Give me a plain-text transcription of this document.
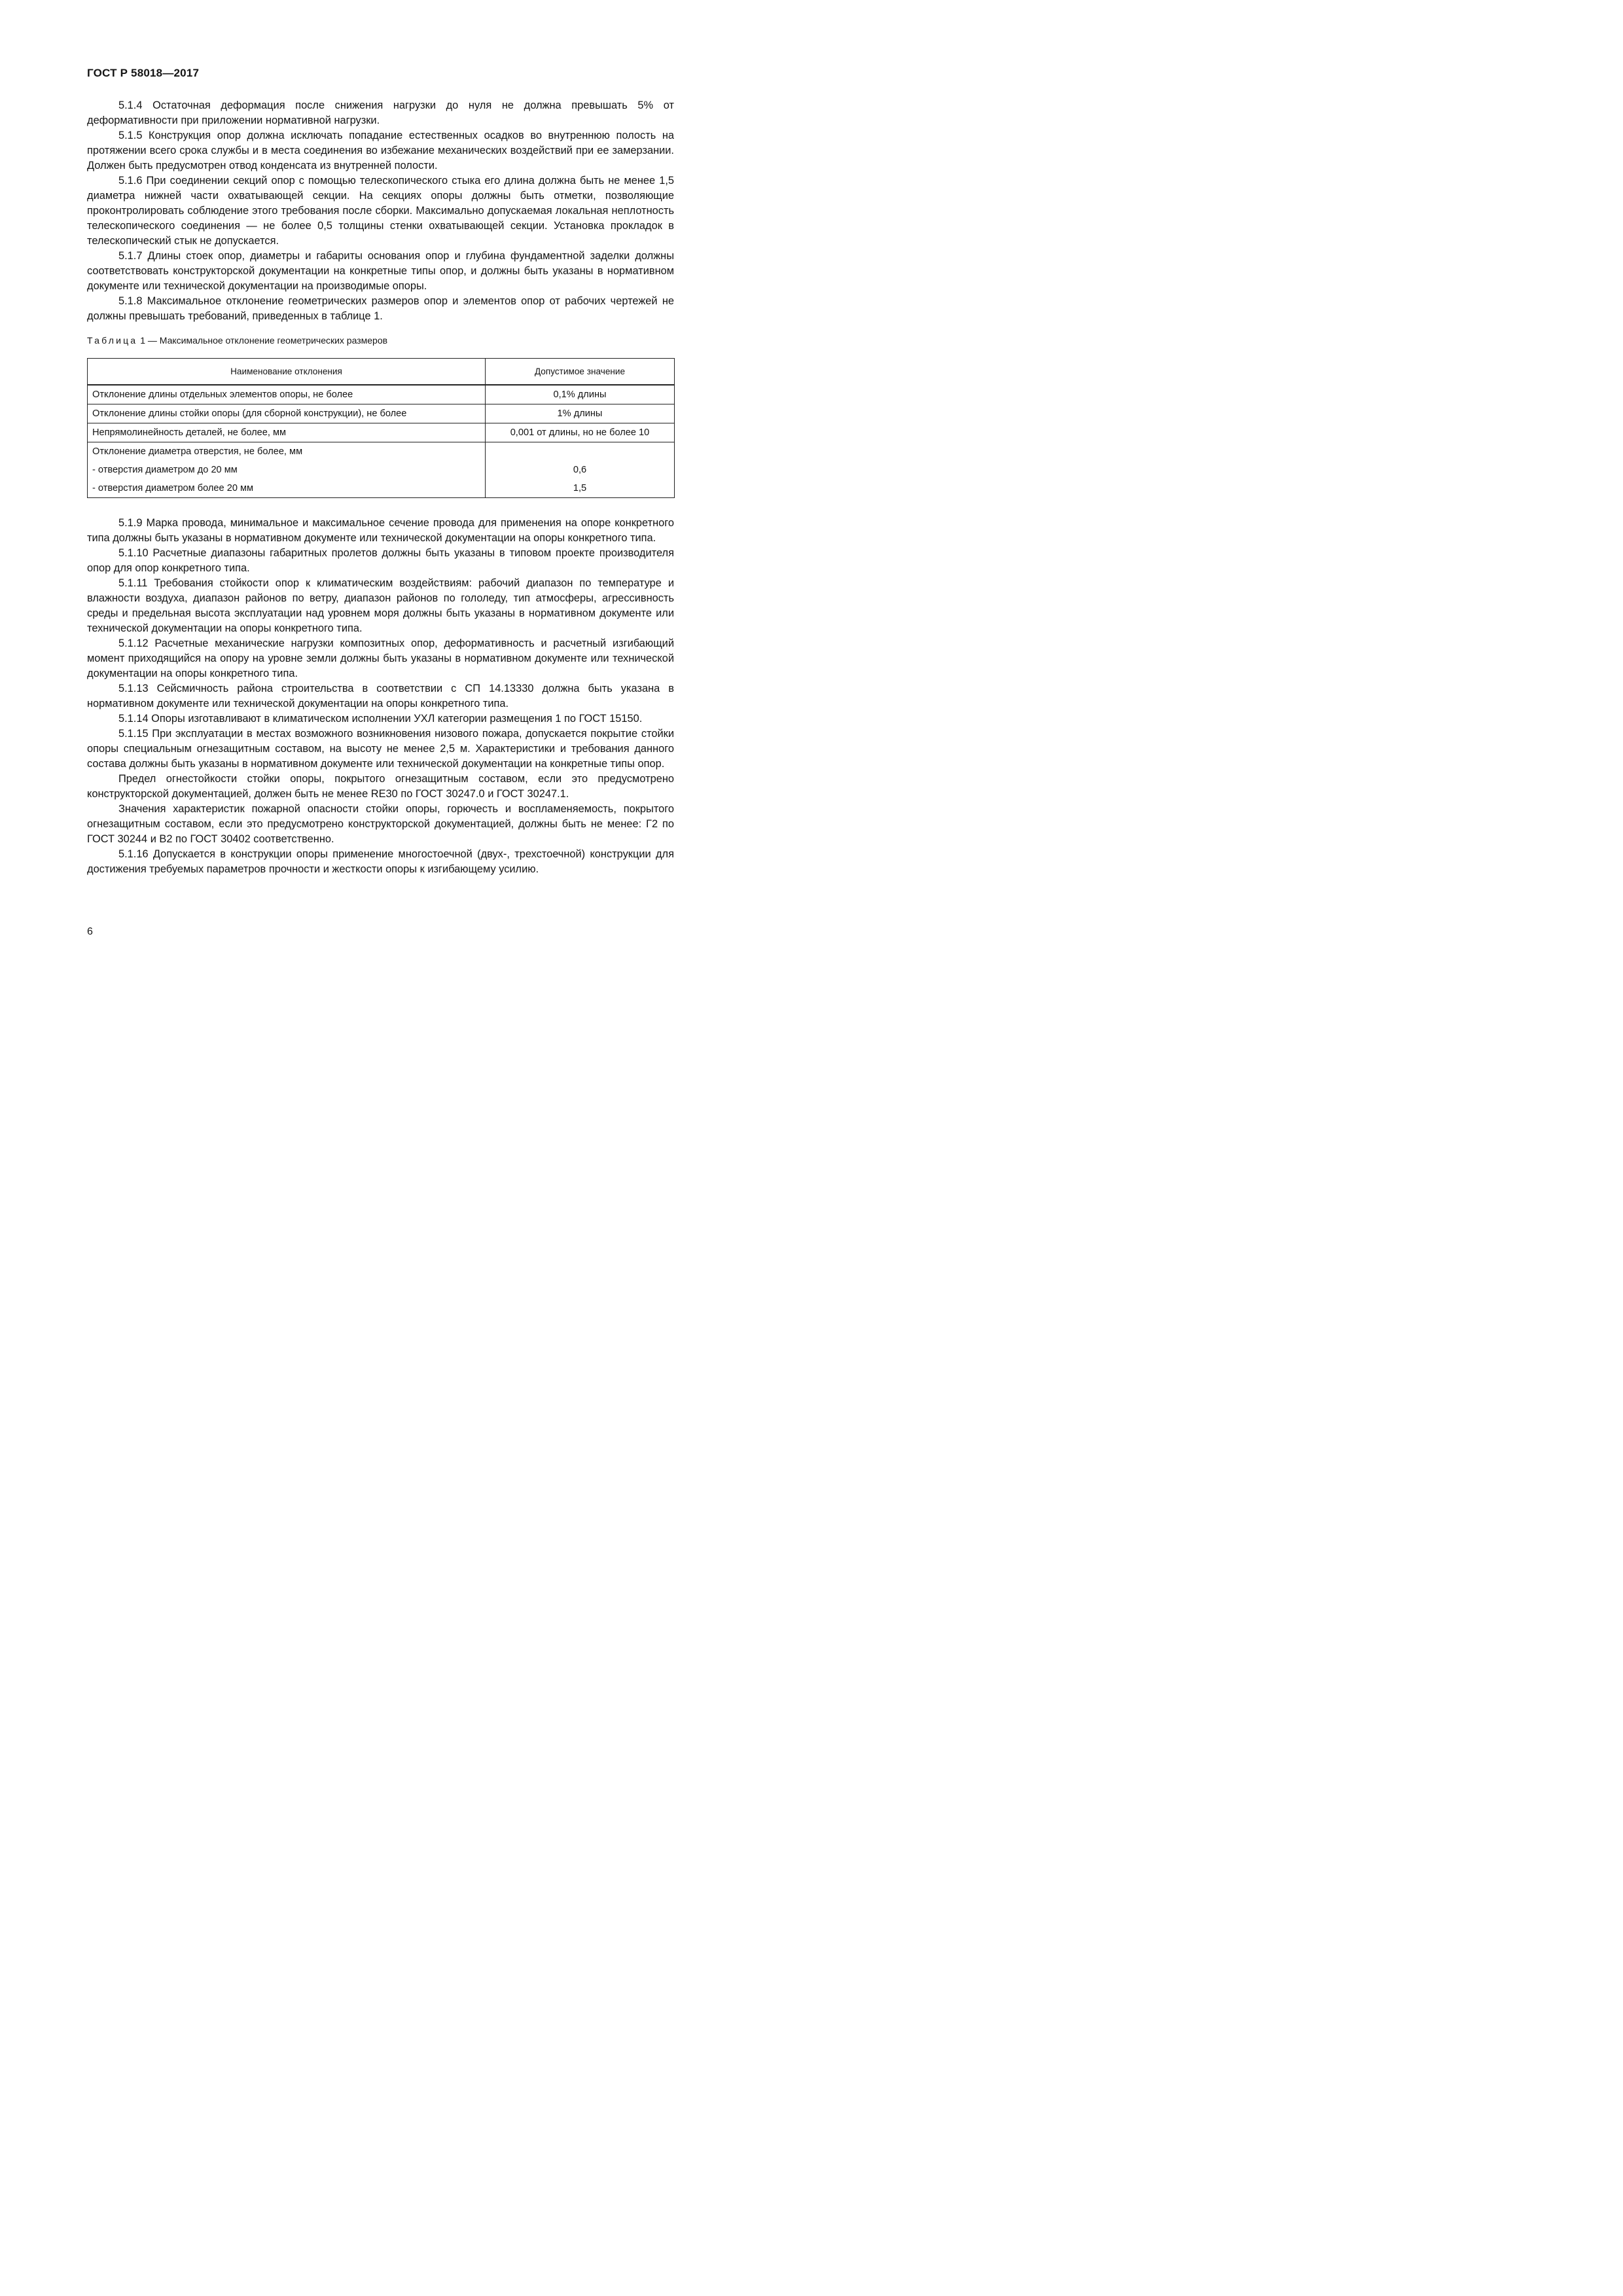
ГОСТ Р 58018—2017

5.1.4 Остаточная деформация после снижения нагрузки до нуля не должна превышать 5% от деформативности при приложении нормативной нагрузки.

5.1.5 Конструкция опор должна исключать попадание естественных осадков во внутреннюю полость на протяжении всего срока службы и в места соединения во избежание механических воздействий при ее замерзании. Должен быть предусмотрен отвод конденсата из внутренней полости.

5.1.6 При соединении секций опор с помощью телескопического стыка его длина должна быть не менее 1,5 диаметра нижней части охватывающей секции. На секциях опоры должны быть отметки, позволяющие проконтролировать соблюдение этого требования после сборки. Максимально допускаемая локальная неплотность телескопического соединения — не более 0,5 толщины стенки охватывающей секции. Установка прокладок в телескопический стык не допускается.

5.1.7 Длины стоек опор, диаметры и габариты основания опор и глубина фундаментной заделки должны соответствовать конструкторской документации на конкретные типы опор, и должны быть указаны в нормативном документе или технической документации на производимые опоры.

5.1.8 Максимальное отклонение геометрических размеров опор и элементов опор от рабочих чертежей не должны превышать требований, приведенных в таблице 1.

Таблица 1 — Максимальное отклонение геометрических размеров
Наименование отклонения	Допустимое значение
Отклонение длины отдельных элементов опоры, не более	0,1% длины
Отклонение длины стойки опоры (для сборной конструкции), не более	1% длины
Непрямолинейность деталей, не более, мм	0,001 от длины, но не более 10
Отклонение диаметра отверстия, не более, мм	
- отверстия диаметром до 20 мм	0,6
- отверстия диаметром более 20 мм	1,5

5.1.9 Марка провода, минимальное и максимальное сечение провода для применения на опоре конкретного типа должны быть указаны в нормативном документе или технической документации на опоры конкретного типа.

5.1.10 Расчетные диапазоны габаритных пролетов должны быть указаны в типовом проекте производителя опор для опор конкретного типа.

5.1.11 Требования стойкости опор к климатическим воздействиям: рабочий диапазон по температуре и влажности воздуха, диапазон районов по ветру, диапазон районов по гололеду, тип атмосферы, агрессивность среды и предельная высота эксплуатации над уровнем моря должны быть указаны в нормативном документе или технической документации на опоры конкретного типа.

5.1.12 Расчетные механические нагрузки композитных опор, деформативность и расчетный изгибающий момент приходящийся на опору на уровне земли должны быть указаны в нормативном документе или технической документации на опоры конкретного типа.

5.1.13 Сейсмичность района строительства в соответствии с СП 14.13330 должна быть указана в нормативном документе или технической документации на опоры конкретного типа.

5.1.14 Опоры изготавливают в климатическом исполнении УХЛ категории размещения 1 по ГОСТ 15150.

5.1.15 При эксплуатации в местах возможного возникновения низового пожара, допускается покрытие стойки опоры специальным огнезащитным составом, на высоту не менее 2,5 м. Характеристики и требования данного состава должны быть указаны в нормативном документе или технической документации на конкретные типы опор.

Предел огнестойкости стойки опоры, покрытого огнезащитным составом, если это предусмотрено конструкторской документацией, должен быть не менее RE30 по ГОСТ 30247.0 и ГОСТ 30247.1.

Значения характеристик пожарной опасности стойки опоры, горючесть и воспламеняемость, покрытого огнезащитным составом, если это предусмотрено конструкторской документацией, должны быть не менее: Г2 по ГОСТ 30244 и В2 по ГОСТ 30402 соответственно.

5.1.16 Допускается в конструкции опоры применение многостоечной (двух-, трехстоечной) конструкции для достижения требуемых параметров прочности и жесткости опоры к изгибающему усилию.

6
